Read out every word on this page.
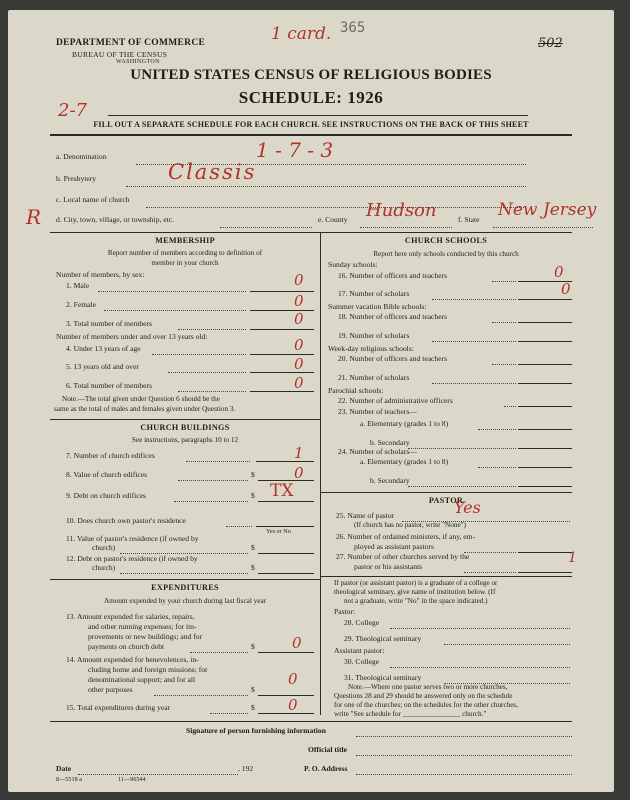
DEPARTMENT OF COMMERCE
BUREAU OF THE CENSUS
WASHINGTON
1 card. 365
502
UNITED STATES CENSUS OF RELIGIOUS BODIES
SCHEDULE: 1926
2-7
FILL OUT A SEPARATE SCHEDULE FOR EACH CHURCH. SEE INSTRUCTIONS ON THE BACK OF THIS SHEET
a. Denomination	1 - 7 - 3
b. Presbytery	Classis
c. Local name of church
R d. City, town, village, or township, etc.	e. County Hudson	f. State New Jersey
MEMBERSHIP
Report number of members according to definition of
member in your church
Number of members, by sex:
1. Male	0
2. Female	0
3. Total number of members	0
Number of members under and over 13 years old:
4. Under 13 years of age	0
5. 13 years old and over	0
6. Total number of members	0
Note.—The total given under Question 6 should be the
same as the total of males and females given under Question 3.
CHURCH BUILDINGS
See instructions, paragraphs 10 to 12
7. Number of church edifices	1
8. Value of church edifices	$	0
9. Debt on church edifices	$ TX
10. Does church own pastor's residence
Yes or No
11. Value of pastor's residence (if owned by
church)	$
12. Debt on pastor's residence (if owned by
church)	$
EXPENDITURES
Amount expended by your church during last fiscal year
13. Amount expended for salaries, repairs,
and other running expenses; for im-
provements or new buildings; and for
payments on church debt	$ 0
14. Amount expended for benevolences, in-
cluding home and foreign missions; for
denominational support; and for all
other purposes	$
0
15. Total expenditures during year	$ 0
CHURCH SCHOOLS
Report here only schools conducted by this church
Sunday schools:
16. Number of officers and teachers	0
17. Number of scholars	0
Summer vacation Bible schools:
18. Number of officers and teachers
19. Number of scholars
Week-day religious schools:
20. Number of officers and teachers
21. Number of scholars
Parochial schools:
22. Number of administrative officers
23. Number of teachers—
a. Elementary (grades 1 to 8)
b. Secondary
24. Number of scholars—
a. Elementary (grades 1 to 8)
b. Secondary
PASTOR
25. Name of pastor	Yes
(If church has no pastor, write "None")
26. Number of ordained ministers, if any, em-
ployed as assistant pastors
27. Number of other churches served by the
pastor or his assistants
1
If pastor (or assistant pastor) is a graduate of a college or
theological seminary, give name of institution below. (If
not a graduate, write "No" in the space indicated.)
Pastor:
28. College
29. Theological seminary
Assistant pastor:
30. College
31. Theological seminary
Note.—Where one pastor serves two or more churches,
Questions 28 and 29 should be answered only on the schedule
for one of the churches; on the schedules for the other churches,
write "See schedule for ________________ church."
Signature of person furnishing information
Official title
Date	, 192	P. O. Address
8—5518 a	11—96544
